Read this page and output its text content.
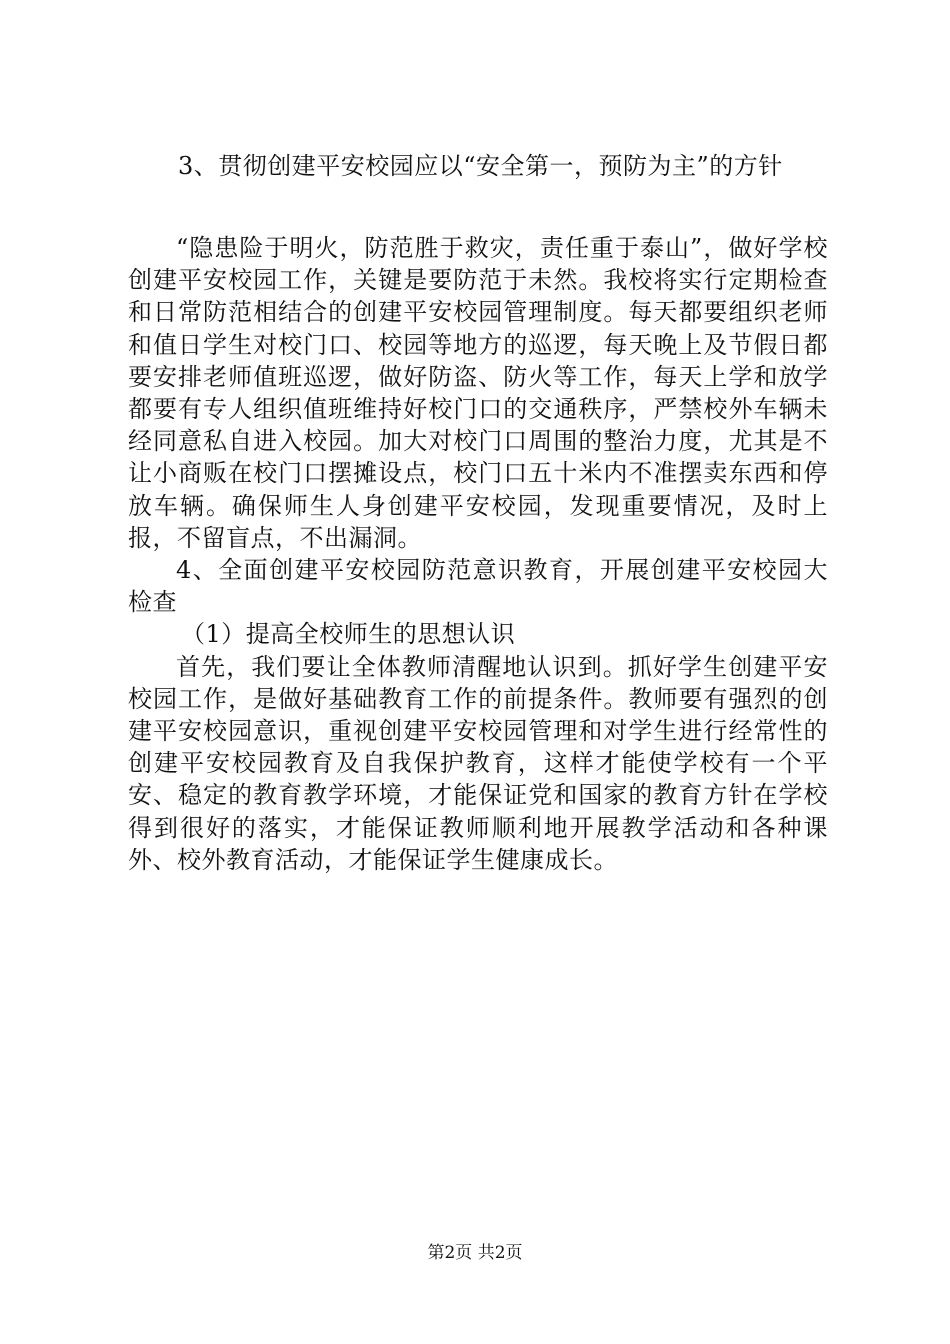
3、贯彻创建平安校园应以“安全第一，预防为主”的方针

“隐患险于明火，防范胜于救灾，责任重于泰山”，做好学校创建平安校园工作，关键是要防范于未然。我校将实行定期检查和日常防范相结合的创建平安校园管理制度。每天都要组织老师和值日学生对校门口、校园等地方的巡逻，每天晚上及节假日都要安排老师值班巡逻，做好防盗、防火等工作，每天上学和放学都要有专人组织值班维持好校门口的交通秩序，严禁校外车辆未经同意私自进入校园。加大对校门口周围的整治力度，尤其是不让小商贩在校门口摆摊设点，校门口五十米内不准摆卖东西和停放车辆。确保师生人身创建平安校园，发现重要情况，及时上报，不留盲点，不出漏洞。

4、全面创建平安校园防范意识教育，开展创建平安校园大检查

（1）提高全校师生的思想认识

首先，我们要让全体教师清醒地认识到。抓好学生创建平安校园工作，是做好基础教育工作的前提条件。教师要有强烈的创建平安校园意识，重视创建平安校园管理和对学生进行经常性的创建平安校园教育及自我保护教育，这样才能使学校有一个平安、稳定的教育教学环境，才能保证党和国家的教育方针在学校得到很好的落实，才能保证教师顺利地开展教学活动和各种课外、校外教育活动，才能保证学生健康成长。

第2页 共2页
